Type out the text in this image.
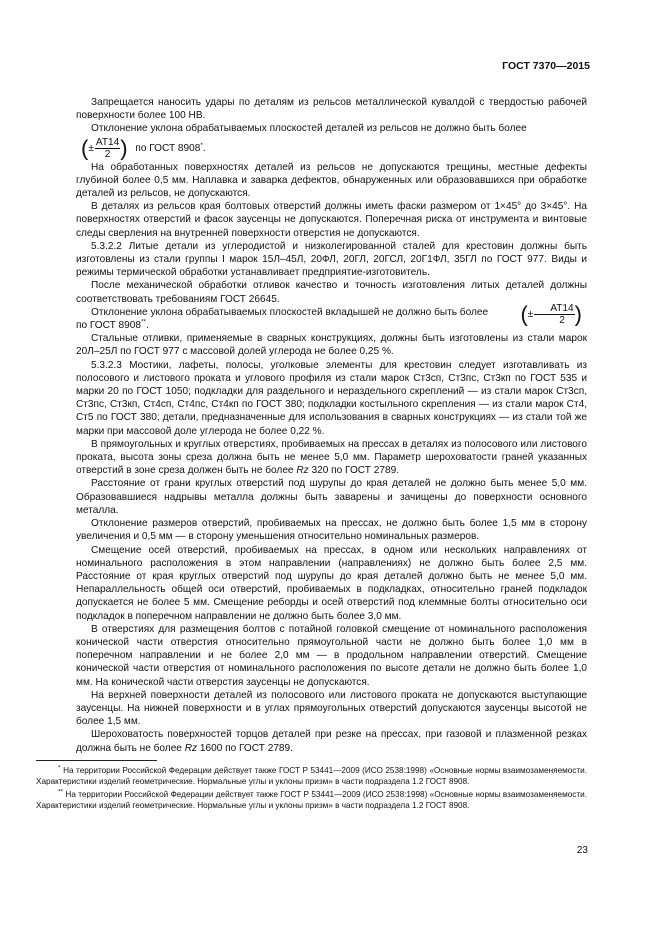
ГОСТ 7370—2015

Запрещается наносить удары по деталям из рельсов металлической кувалдой с твердостью рабочей поверхности более 100 НВ.

Отклонение уклона обрабатываемых плоскостей деталей из рельсов не должно быть более

(± $\frac{АТ14}{2}$ ) по ГОСТ 8908*.

На обработанных поверхностях деталей из рельсов не допускаются трещины, местные дефекты глубиной более 0,5 мм. Наплавка и заварка дефектов, обнаруженных или образовавшихся при обработке деталей из рельсов, не допускаются.

В деталях из рельсов края болтовых отверстий должны иметь фаски размером от 1×45° до 3×45°. На поверхностях отверстий и фасок заусенцы не допускаются. Поперечная риска от инструмента и винтовые следы сверления на внутренней поверхности отверстия не допускаются.

5.3.2.2 Литые детали из углеродистой и низколегированной сталей для крестовин должны быть изготовлены из стали группы I марок 15Л–45Л, 20ФЛ, 20ГЛ, 20ГСЛ, 20Г1ФЛ, 35ГЛ по ГОСТ 977. Виды и режимы термической обработки устанавливает предприятие-изготовитель.

После механической обработки отливок качество и точность изготовления литых деталей должны соответствовать требованиям ГОСТ 26645.

(± $\frac{АТ14}{2}$ )
Отклонение уклона обрабатываемых плоскостей вкладышей не должно быть более
по ГОСТ 8908**.

Стальные отливки, применяемые в сварных конструкциях, должны быть изготовлены из стали марок 20Л–25Л по ГОСТ 977 с массовой долей углерода не более 0,25 %.

5.3.2.3 Мостики, лафеты, полосы, уголковые элементы для крестовин следует изготавливать из полосового и листового проката и углового профиля из стали марок Ст3сп, Ст3пс, Ст3кп по ГОСТ 535 и марки 20 по ГОСТ 1050; подкладки для раздельного и нераздельного скреплений — из стали марок Ст3сп, Ст3пс, Ст3кп, Ст4сп, Ст4пс, Ст4кп по ГОСТ 380; подкладки костыльного скрепления — из стали марок Ст4, Ст5 по ГОСТ 380; детали, предназначенные для использования в сварных конструкциях — из стали той же марки при массовой доле углерода не более 0,22 %.

В прямоугольных и круглых отверстиях, пробиваемых на прессах в деталях из полосового или листового проката, высота зоны среза должна быть не менее 5,0 мм. Параметр шероховатости граней указанных отверстий в зоне среза должен быть не более Rz 320 по ГОСТ 2789.

Расстояние от грани круглых отверстий под шурупы до края деталей не должно быть менее 5,0 мм. Образовавшиеся надрывы металла должны быть заварены и зачищены до поверхности основного металла.

Отклонение размеров отверстий, пробиваемых на прессах, не должно быть более 1,5 мм в сторону увеличения и 0,5 мм — в сторону уменьшения относительно номинальных размеров.

Смещение осей отверстий, пробиваемых на прессах, в одном или нескольких направлениях от номинального расположения в этом направлении (направлениях) не должно быть более 2,5 мм. Расстояние от края круглых отверстий под шурупы до края деталей должно быть не менее 5,0 мм. Непараллельность общей оси отверстий, пробиваемых в подкладках, относительно граней подкладок допускается не более 5 мм. Смещение реборды и осей отверстий под клеммные болты относительно оси подкладок в поперечном направлении не должно быть более 3,0 мм.

В отверстиях для размещения болтов с потайной головкой смещение от номинального расположения конической части отверстия относительно прямоугольной части не должно быть более 1,0 мм в поперечном направлении и не более 2,0 мм — в продольном направлении отверстий. Смещение конической части отверстия от номинального расположения по высоте детали не должно быть более 1,0 мм. На конической части отверстия заусенцы не допускаются.

На верхней поверхности деталей из полосового или листового проката не допускаются выступающие заусенцы. На нижней поверхности и в углах прямоугольных отверстий допускаются заусенцы высотой не более 1,5 мм.

Шероховатость поверхностей торцов деталей при резке на прессах, при газовой и плазменной резках должна быть не более Rz 1600 по ГОСТ 2789.

* На территории Российской Федерации действует также ГОСТ Р 53441—2009 (ИСО 2538:1998) «Основные нормы взаимозаменяемости. Характеристики изделий геометрические. Нормальные углы и уклоны призм» в части подраздела 1.2 ГОСТ 8908.

** На территории Российской Федерации действует также ГОСТ Р 53441—2009 (ИСО 2538:1998) «Основные нормы взаимозаменяемости. Характеристики изделий геометрические. Нормальные углы и уклоны призм» в части подраздела 1.2 ГОСТ 8908.

23
